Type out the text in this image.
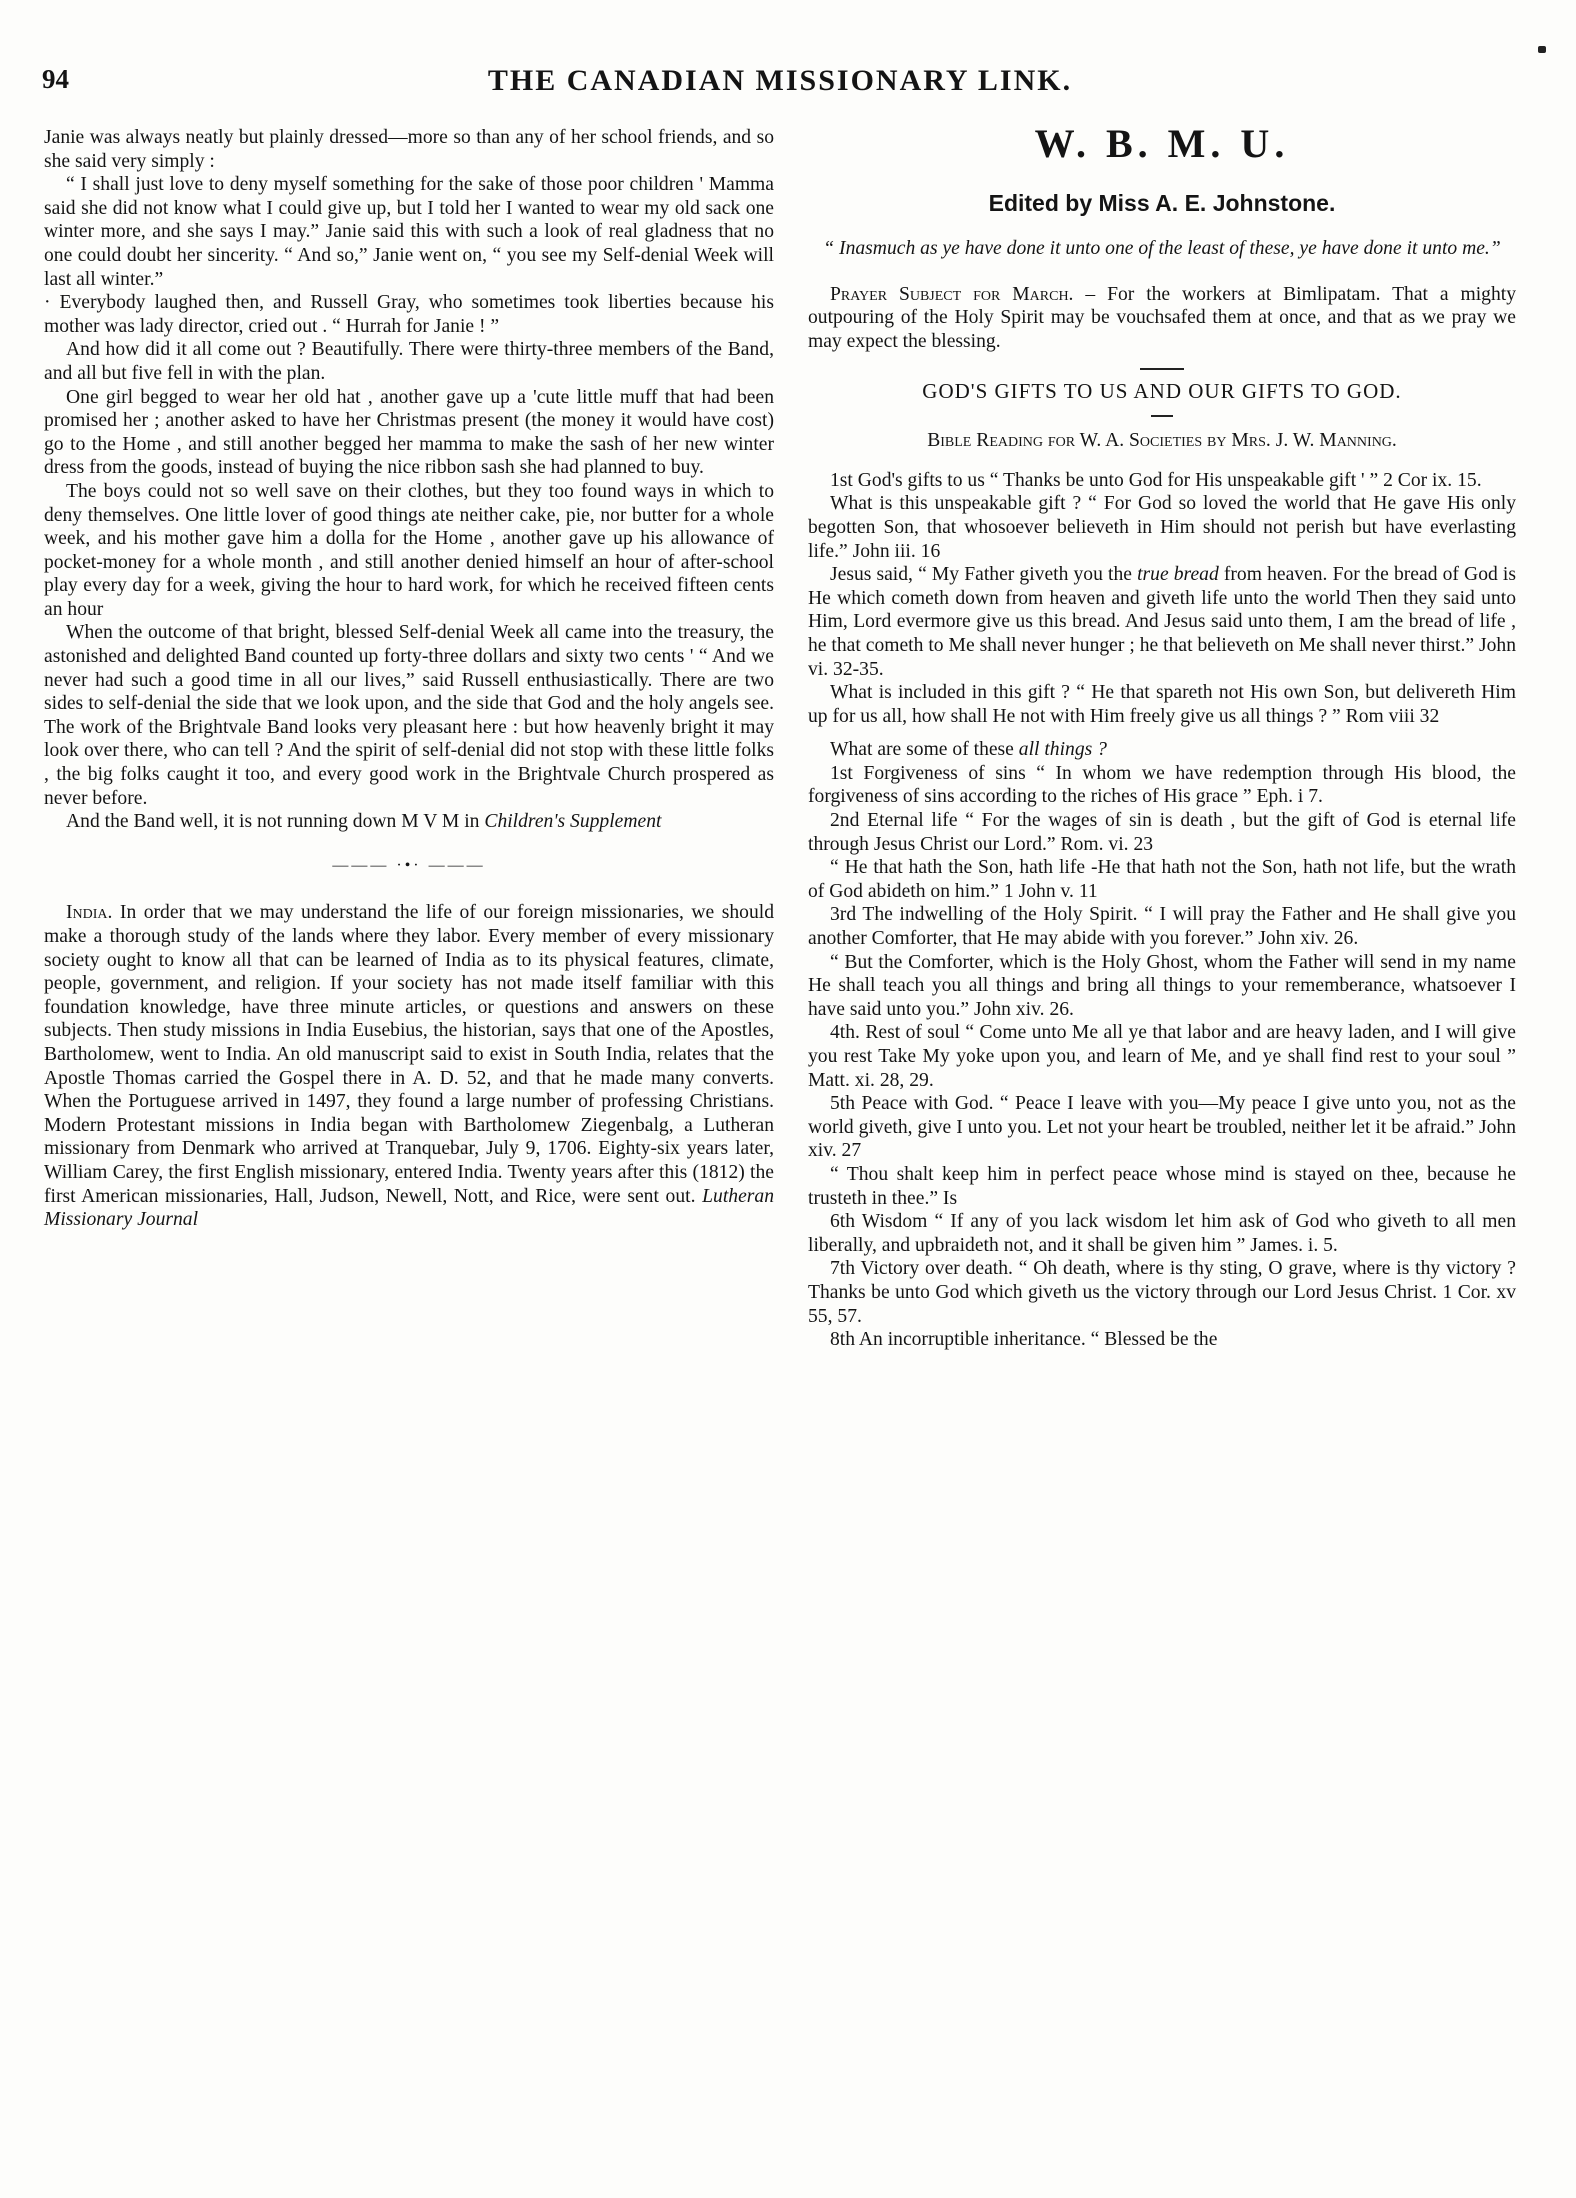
94	THE CANADIAN MISSIONARY LINK.

Janie was always neatly but plainly dressed—more so than any of her school friends, and so she said very simply :

“ I shall just love to deny myself something for the sake of those poor children ' Mamma said she did not know what I could give up, but I told her I wanted to wear my old sack one winter more, and she says I may.” Janie said this with such a look of real gladness that no one could doubt her sincerity. “ And so,” Janie went on, “ you see my Self-denial Week will last all winter.”

· Everybody laughed then, and Russell Gray, who sometimes took liberties because his mother was lady director, cried out . “ Hurrah for Janie ! ”

And how did it all come out ? Beautifully. There were thirty-three members of the Band, and all but five fell in with the plan.

One girl begged to wear her old hat , another gave up a 'cute little muff that had been promised her ; another asked to have her Christmas present (the money it would have cost) go to the Home , and still another begged her mamma to make the sash of her new winter dress from the goods, instead of buying the nice ribbon sash she had planned to buy.

The boys could not so well save on their clothes, but they too found ways in which to deny themselves. One little lover of good things ate neither cake, pie, nor butter for a whole week, and his mother gave him a dolla for the Home , another gave up his allowance of pocket-money for a whole month , and still another denied himself an hour of after-school play every day for a week, giving the hour to hard work, for which he received fifteen cents an hour

When the outcome of that bright, blessed Self-denial Week all came into the treasury, the astonished and delighted Band counted up forty-three dollars and sixty two cents ' “ And we never had such a good time in all our lives,” said Russell enthusiastically. There are two sides to self-denial the side that we look upon, and the side that God and the holy angels see. The work of the Brightvale Band looks very pleasant here : but how heavenly bright it may look over there, who can tell ? And the spirit of self-denial did not stop with these little folks , the big folks caught it too, and every good work in the Brightvale Church prospered as never before.

And the Band well, it is not running down M V M in Children's Supplement

——— ·•· ———

India. In order that we may understand the life of our foreign missionaries, we should make a thorough study of the lands where they labor. Every member of every missionary society ought to know all that can be learned of India as to its physical features, climate, people, government, and religion. If your society has not made itself familiar with this foundation knowledge, have three minute articles, or questions and answers on these subjects. Then study missions in India Eusebius, the historian, says that one of the Apostles, Bartholomew, went to India. An old manuscript said to exist in South India, relates that the Apostle Thomas carried the Gospel there in A. D. 52, and that he made many converts. When the Portuguese arrived in 1497, they found a large number of professing Christians. Modern Protestant missions in India began with Bartholomew Ziegenbalg, a Lutheran missionary from Denmark who arrived at Tranquebar, July 9, 1706. Eighty-six years later, William Carey, the first English missionary, entered India. Twenty years after this (1812) the first American missionaries, Hall, Judson, Newell, Nott, and Rice, were sent out. Lutheran Missionary Journal

W. B. M. U.
Edited by Miss A. E. Johnstone.
“ Inasmuch as ye have done it unto one of the least of these, ye have done it unto me.”

Prayer Subject for March. – For the workers at Bimlipatam. That a mighty outpouring of the Holy Spirit may be vouchsafed them at once, and that as we pray we may expect the blessing.

GOD'S GIFTS TO US AND OUR GIFTS TO GOD.
Bible Reading for W. A. Societies by Mrs. J. W. Manning.

1st God's gifts to us “ Thanks be unto God for His unspeakable gift ' ” 2 Cor ix. 15.

What is this unspeakable gift ? “ For God so loved the world that He gave His only begotten Son, that whosoever believeth in Him should not perish but have everlasting life.” John iii. 16

Jesus said, “ My Father giveth you the true bread from heaven. For the bread of God is He which cometh down from heaven and giveth life unto the world Then they said unto Him, Lord evermore give us this bread. And Jesus said unto them, I am the bread of life , he that cometh to Me shall never hunger ; he that believeth on Me shall never thirst.” John vi. 32-35.

What is included in this gift ? “ He that spareth not His own Son, but delivereth Him up for us all, how shall He not with Him freely give us all things ? ” Rom viii 32

What are some of these all things ?

1st Forgiveness of sins “ In whom we have redemption through His blood, the forgiveness of sins according to the riches of His grace ” Eph. i 7.

2nd Eternal life “ For the wages of sin is death , but the gift of God is eternal life through Jesus Christ our Lord.” Rom. vi. 23

“ He that hath the Son, hath life -He that hath not the Son, hath not life, but the wrath of God abideth on him.” 1 John v. 11

3rd The indwelling of the Holy Spirit. “ I will pray the Father and He shall give you another Comforter, that He may abide with you forever.” John xiv. 26.

“ But the Comforter, which is the Holy Ghost, whom the Father will send in my name He shall teach you all things and bring all things to your rememberance, whatsoever I have said unto you.” John xiv. 26.

4th. Rest of soul “ Come unto Me all ye that labor and are heavy laden, and I will give you rest Take My yoke upon you, and learn of Me, and ye shall find rest to your soul ” Matt. xi. 28, 29.

5th Peace with God. “ Peace I leave with you—My peace I give unto you, not as the world giveth, give I unto you. Let not your heart be troubled, neither let it be afraid.” John xiv. 27

“ Thou shalt keep him in perfect peace whose mind is stayed on thee, because he trusteth in thee.” Is

6th Wisdom “ If any of you lack wisdom let him ask of God who giveth to all men liberally, and upbraideth not, and it shall be given him ” James. i. 5.

7th Victory over death. “ Oh death, where is thy sting, O grave, where is thy victory ? Thanks be unto God which giveth us the victory through our Lord Jesus Christ. 1 Cor. xv 55, 57.

8th An incorruptible inheritance. “ Blessed be the
